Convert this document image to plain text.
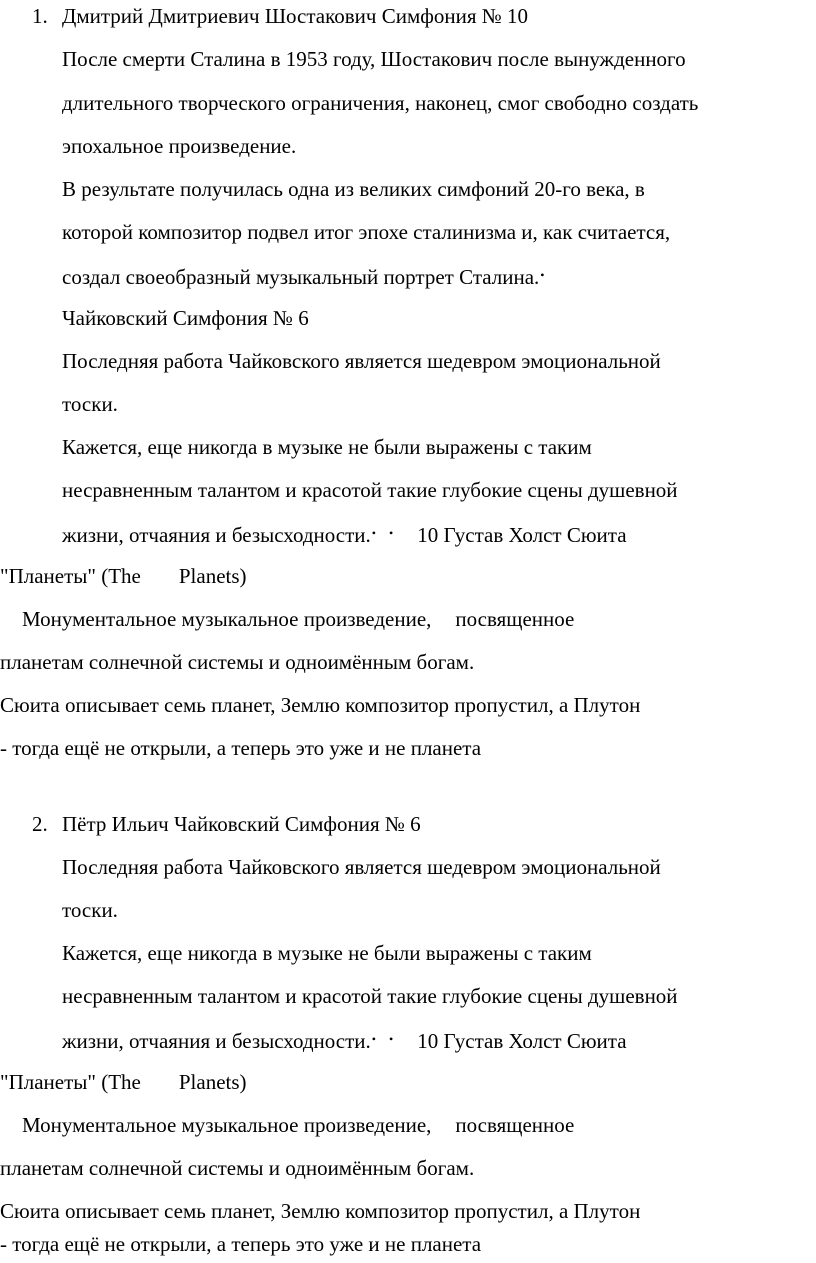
1. Дмитрий Дмитриевич Шостакович Симфония № 10
После смерти Сталина в 1953 году, Шостакович после вынужденного
длительного творческого ограничения, наконец, смог свободно создать
эпохальное произведение.
В результате получилась одна из великих симфоний 20-го века, в
которой композитор подвел итог эпохе сталинизма и, как считается,
создал своеобразный музыкальный портрет Сталина.•
Чайковский Симфония № 6
Последняя работа Чайковского является шедевром эмоциональной
тоски.
Кажется, еще никогда в музыке не были выражены с таким
несравненным талантом и красотой такие глубокие сцены душевной
жизни, отчаяния и безысходности.• • 10 Густав Холст Сюита
"Планеты" (The Planets)
Монументальное музыкальное произведение, посвященное
планетам солнечной системы и одноимённым богам.
Сюита описывает семь планет, Землю композитор пропустил, а Плутон
- тогда ещё не открыли, а теперь это уже и не планета
2. Пётр Ильич Чайковский Симфония № 6
Последняя работа Чайковского является шедевром эмоциональной
тоски.
Кажется, еще никогда в музыке не были выражены с таким
несравненным талантом и красотой такие глубокие сцены душевной
жизни, отчаяния и безысходности.• • 10 Густав Холст Сюита
"Планеты" (The Planets)
Монументальное музыкальное произведение, посвященное
планетам солнечной системы и одноимённым богам.
Сюита описывает семь планет, Землю композитор пропустил, а Плутон
- тогда ещё не открыли, а теперь это уже и не планета
